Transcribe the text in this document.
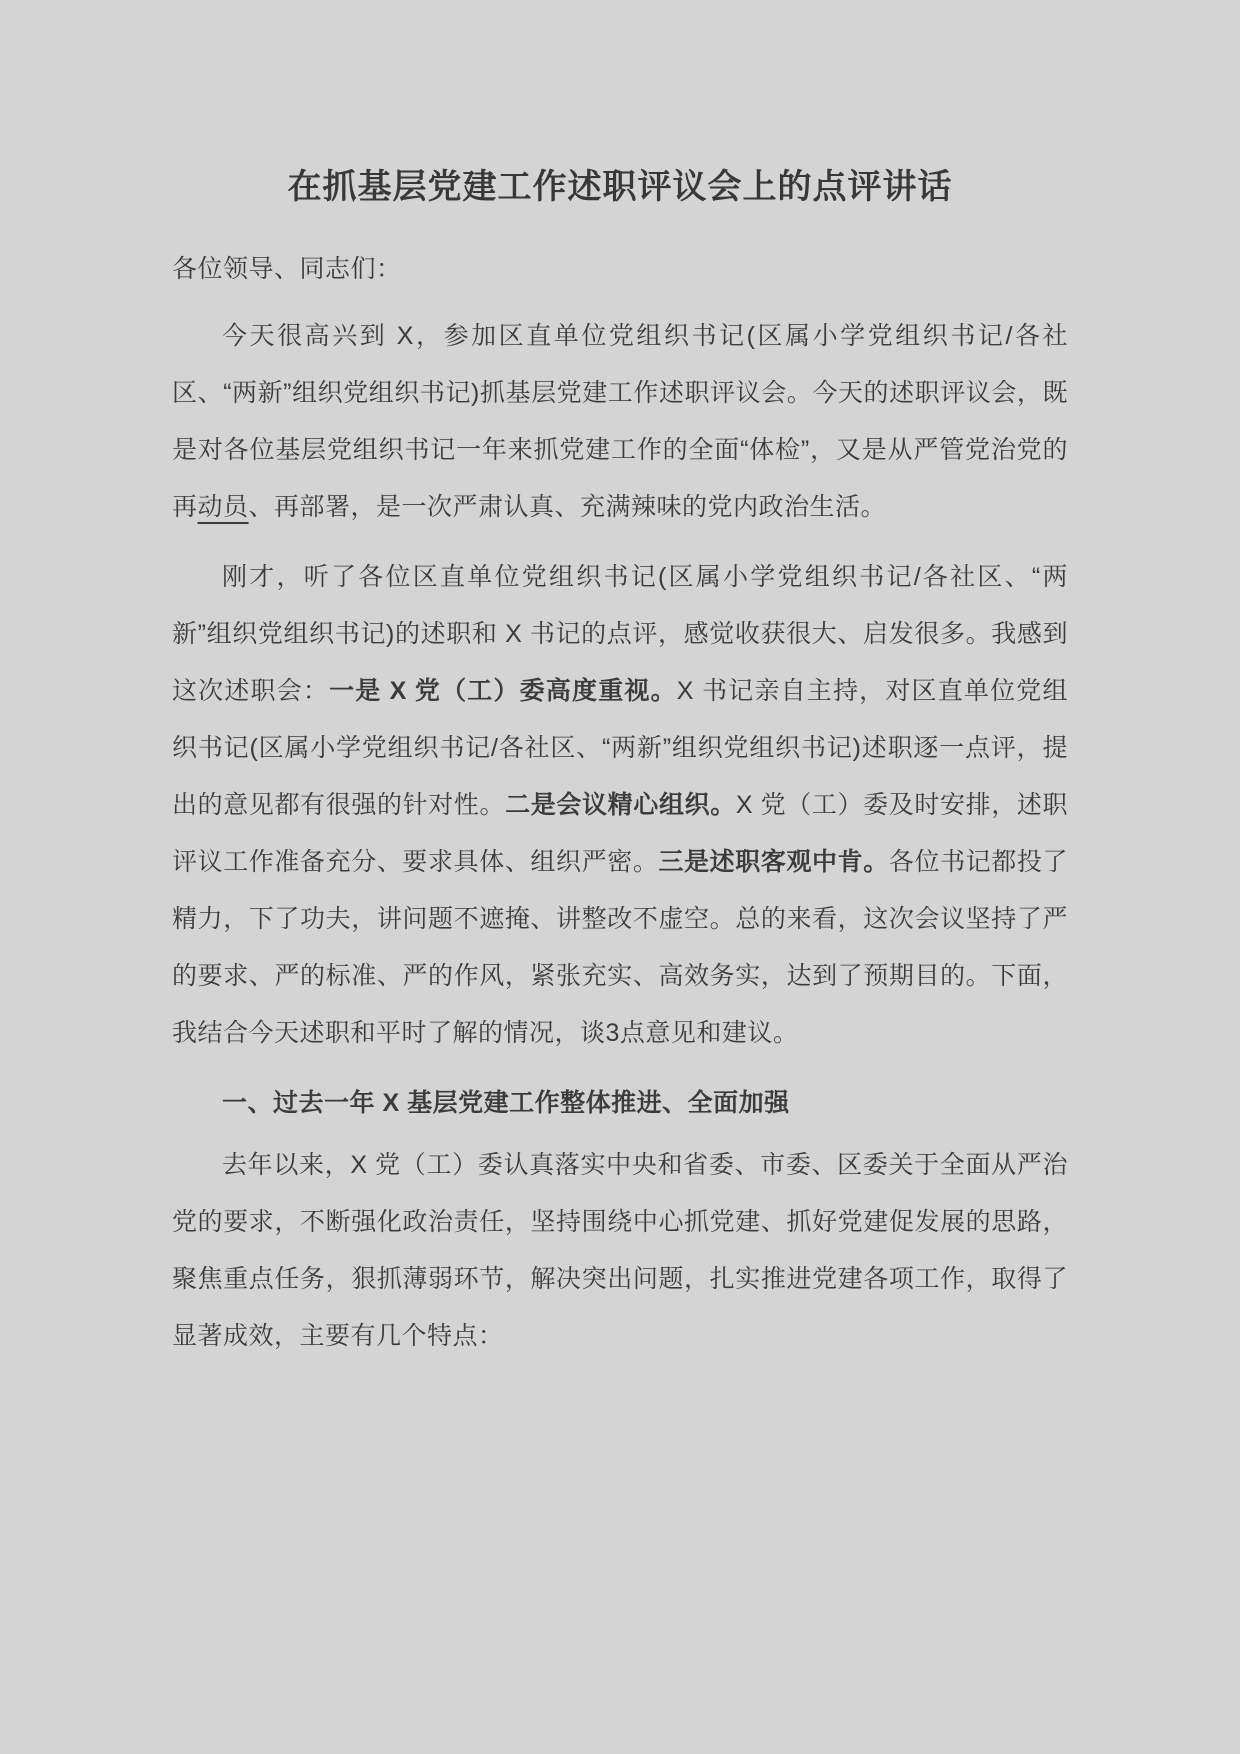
在抓基层党建工作述职评议会上的点评讲话

各位领导、同志们：

今天很高兴到 X，参加区直单位党组织书记(区属小学党组织书记/各社区、“两新”组织党组织书记)抓基层党建工作述职评议会。今天的述职评议会，既是对各位基层党组织书记一年来抓党建工作的全面“体检”，又是从严管党治党的再动员、再部署，是一次严肃认真、充满辣味的党内政治生活。

刚才，听了各位区直单位党组织书记(区属小学党组织书记/各社区、“两新”组织党组织书记)的述职和 X 书记的点评，感觉收获很大、启发很多。我感到这次述职会：一是 X 党（工）委高度重视。X 书记亲自主持，对区直单位党组织书记(区属小学党组织书记/各社区、“两新”组织党组织书记)述职逐一点评，提出的意见都有很强的针对性。二是会议精心组织。X 党（工）委及时安排，述职评议工作准备充分、要求具体、组织严密。三是述职客观中肯。各位书记都投了精力，下了功夫，讲问题不遮掩、讲整改不虚空。总的来看，这次会议坚持了严的要求、严的标准、严的作风，紧张充实、高效务实，达到了预期目的。下面，我结合今天述职和平时了解的情况，谈3点意见和建议。

一、过去一年 X 基层党建工作整体推进、全面加强

去年以来，X 党（工）委认真落实中央和省委、市委、区委关于全面从严治党的要求，不断强化政治责任，坚持围绕中心抓党建、抓好党建促发展的思路，聚焦重点任务，狠抓薄弱环节，解决突出问题，扎实推进党建各项工作，取得了显著成效，主要有几个特点：
